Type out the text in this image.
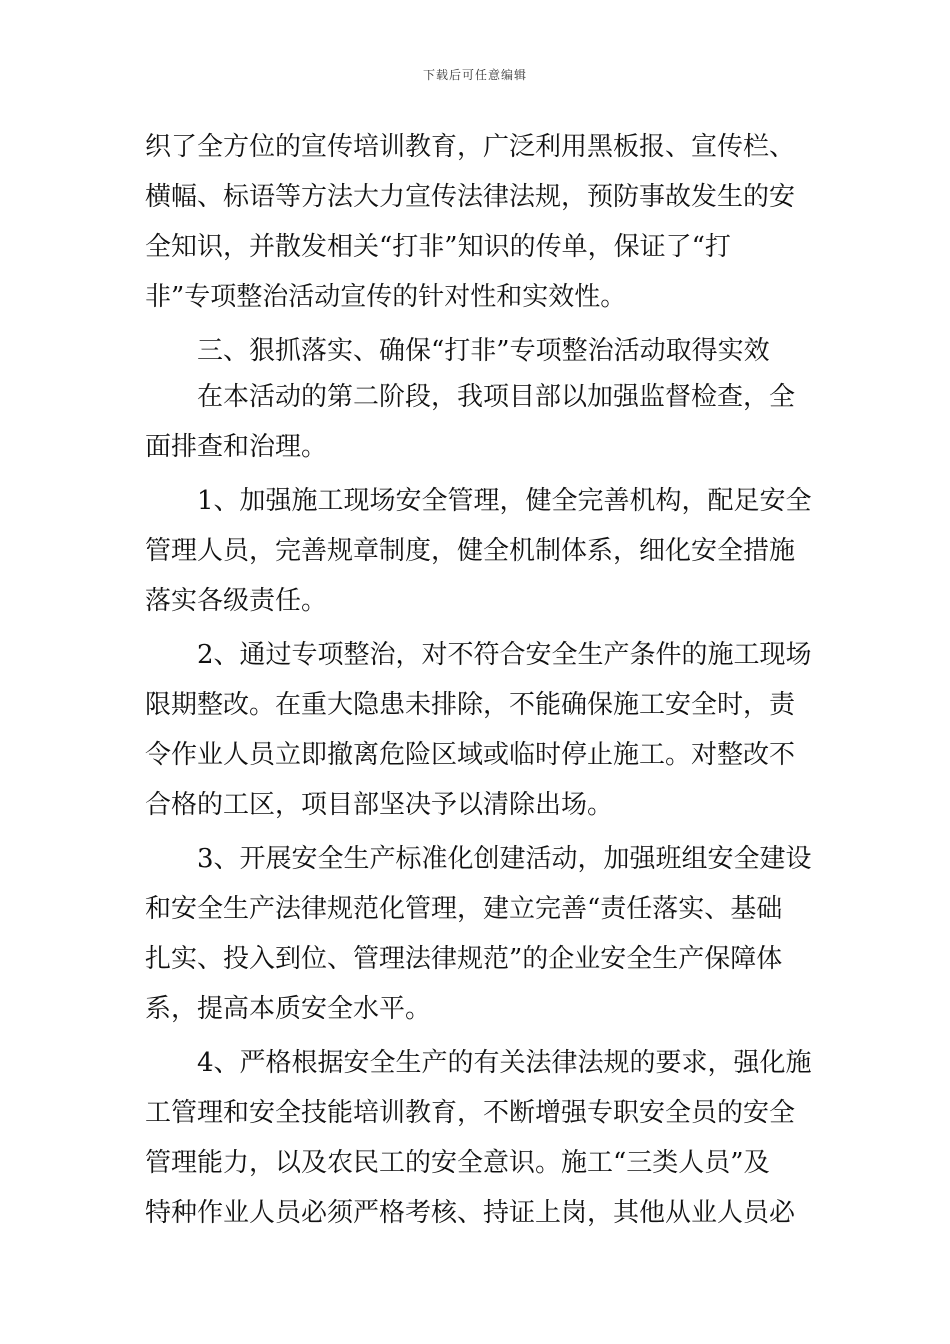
下载后可任意编辑
织了全方位的宣传培训教育，广泛利用黑板报、宣传栏、
横幅、标语等方法大力宣传法律法规，预防事故发生的安
全知识，并散发相关“打非”知识的传单，保证了“打
非”专项整治活动宣传的针对性和实效性。
三、狠抓落实、确保“打非”专项整治活动取得实效
在本活动的第二阶段，我项目部以加强监督检查，全
面排查和治理。
1、加强施工现场安全管理，健全完善机构，配足安全
管理人员，完善规章制度，健全机制体系，细化安全措施
落实各级责任。
2、通过专项整治，对不符合安全生产条件的施工现场
限期整改。在重大隐患未排除，不能确保施工安全时，责
令作业人员立即撤离危险区域或临时停止施工。对整改不
合格的工区，项目部坚决予以清除出场。
3、开展安全生产标准化创建活动，加强班组安全建设
和安全生产法律规范化管理，建立完善“责任落实、基础
扎实、投入到位、管理法律规范”的企业安全生产保障体
系，提高本质安全水平。
4、严格根据安全生产的有关法律法规的要求，强化施
工管理和安全技能培训教育，不断增强专职安全员的安全
管理能力，以及农民工的安全意识。施工“三类人员”及
特种作业人员必须严格考核、持证上岗，其他从业人员必
